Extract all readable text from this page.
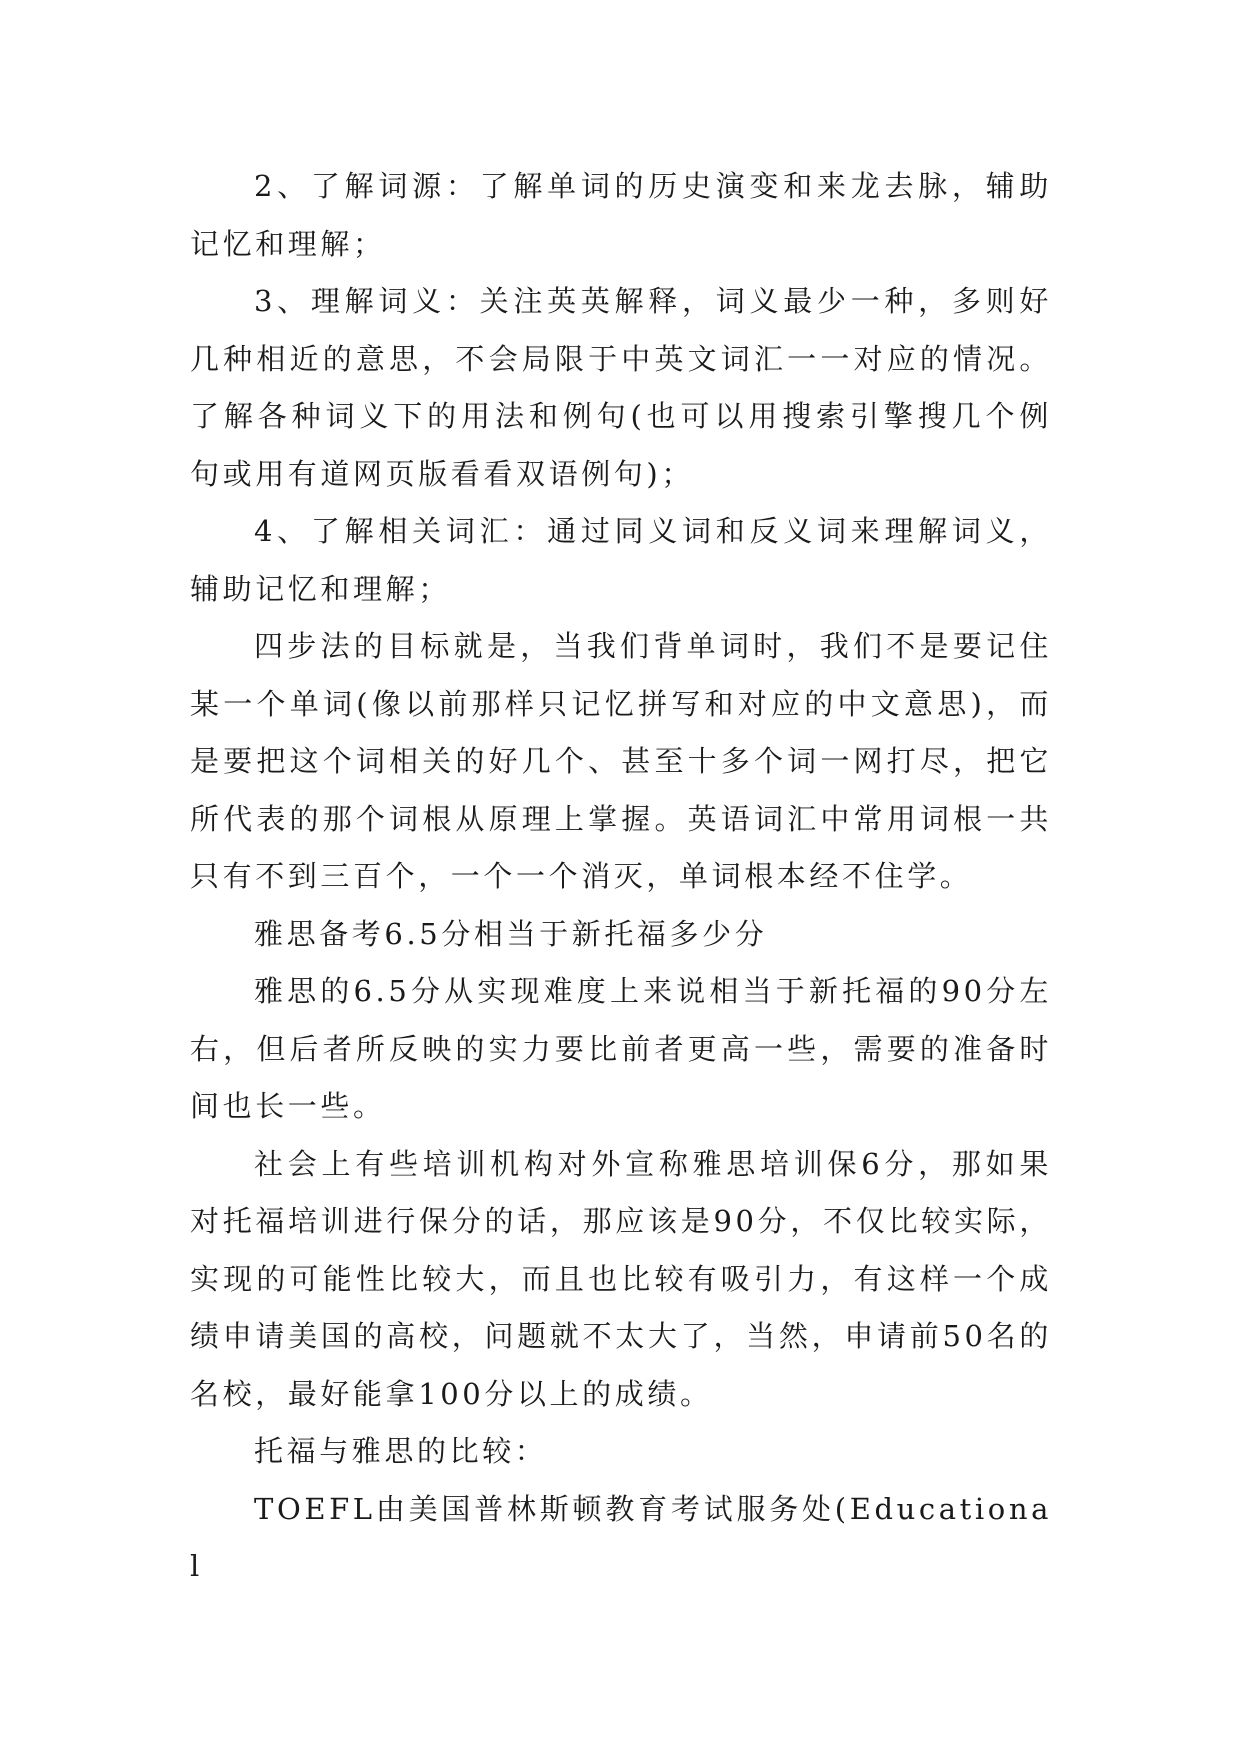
2、了解词源：了解单词的历史演变和来龙去脉，辅助记忆和理解；

3、理解词义：关注英英解释，词义最少一种，多则好几种相近的意思，不会局限于中英文词汇一一对应的情况。了解各种词义下的用法和例句(也可以用搜索引擎搜几个例句或用有道网页版看看双语例句)；

4、了解相关词汇：通过同义词和反义词来理解词义，辅助记忆和理解；

四步法的目标就是，当我们背单词时，我们不是要记住某一个单词(像以前那样只记忆拼写和对应的中文意思)，而是要把这个词相关的好几个、甚至十多个词一网打尽，把它所代表的那个词根从原理上掌握。英语词汇中常用词根一共只有不到三百个，一个一个消灭，单词根本经不住学。

雅思备考6.5分相当于新托福多少分

雅思的6.5分从实现难度上来说相当于新托福的90分左右，但后者所反映的实力要比前者更高一些，需要的准备时间也长一些。

社会上有些培训机构对外宣称雅思培训保6分，那如果对托福培训进行保分的话，那应该是90分，不仅比较实际，实现的可能性比较大，而且也比较有吸引力，有这样一个成绩申请美国的高校，问题就不太大了，当然，申请前50名的名校，最好能拿100分以上的成绩。

托福与雅思的比较：

TOEFL由美国普林斯顿教育考试服务处(Educational
